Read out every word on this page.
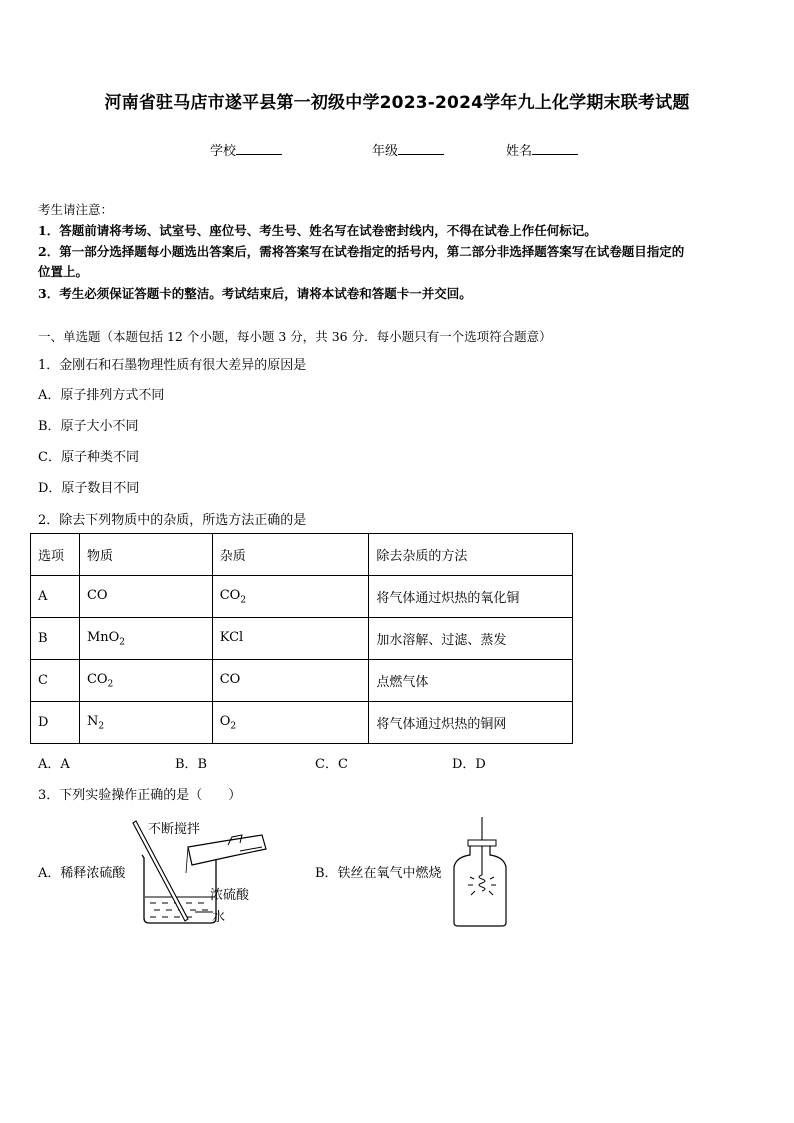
河南省驻马店市遂平县第一初级中学2023-2024学年九上化学期末联考试题
学校	年级	姓名
考生请注意：
1．答题前请将考场、试室号、座位号、考生号、姓名写在试卷密封线内，不得在试卷上作任何标记。
2．第一部分选择题每小题选出答案后，需将答案写在试卷指定的括号内，第二部分非选择题答案写在试卷题目指定的
位置上。
3．考生必须保证答题卡的整洁。考试结束后，请将本试卷和答题卡一并交回。
一、单选题（本题包括 12 个小题，每小题 3 分，共 36 分．每小题只有一个选项符合题意）
1．金刚石和石墨物理性质有很大差异的原因是
A．原子排列方式不同
B．原子大小不同
C．原子种类不同
D．原子数目不同
2．除去下列物质中的杂质，所选方法正确的是
选项	物质	杂质	除去杂质的方法
A	CO	$CO_2$	将气体通过炽热的氧化铜
B	MnO$_2$	KCl	加水溶解、过滤、蒸发
C	$CO_2$	CO	点燃气体
D	$N_2$	$O_2$	将气体通过炽热的铜网
A．A	B．B	C．C	D．D
3．下列实验操作正确的是（　　）
A．稀释浓硫酸
不断搅拌
浓硫酸
水
B．铁丝在氧气中燃烧
